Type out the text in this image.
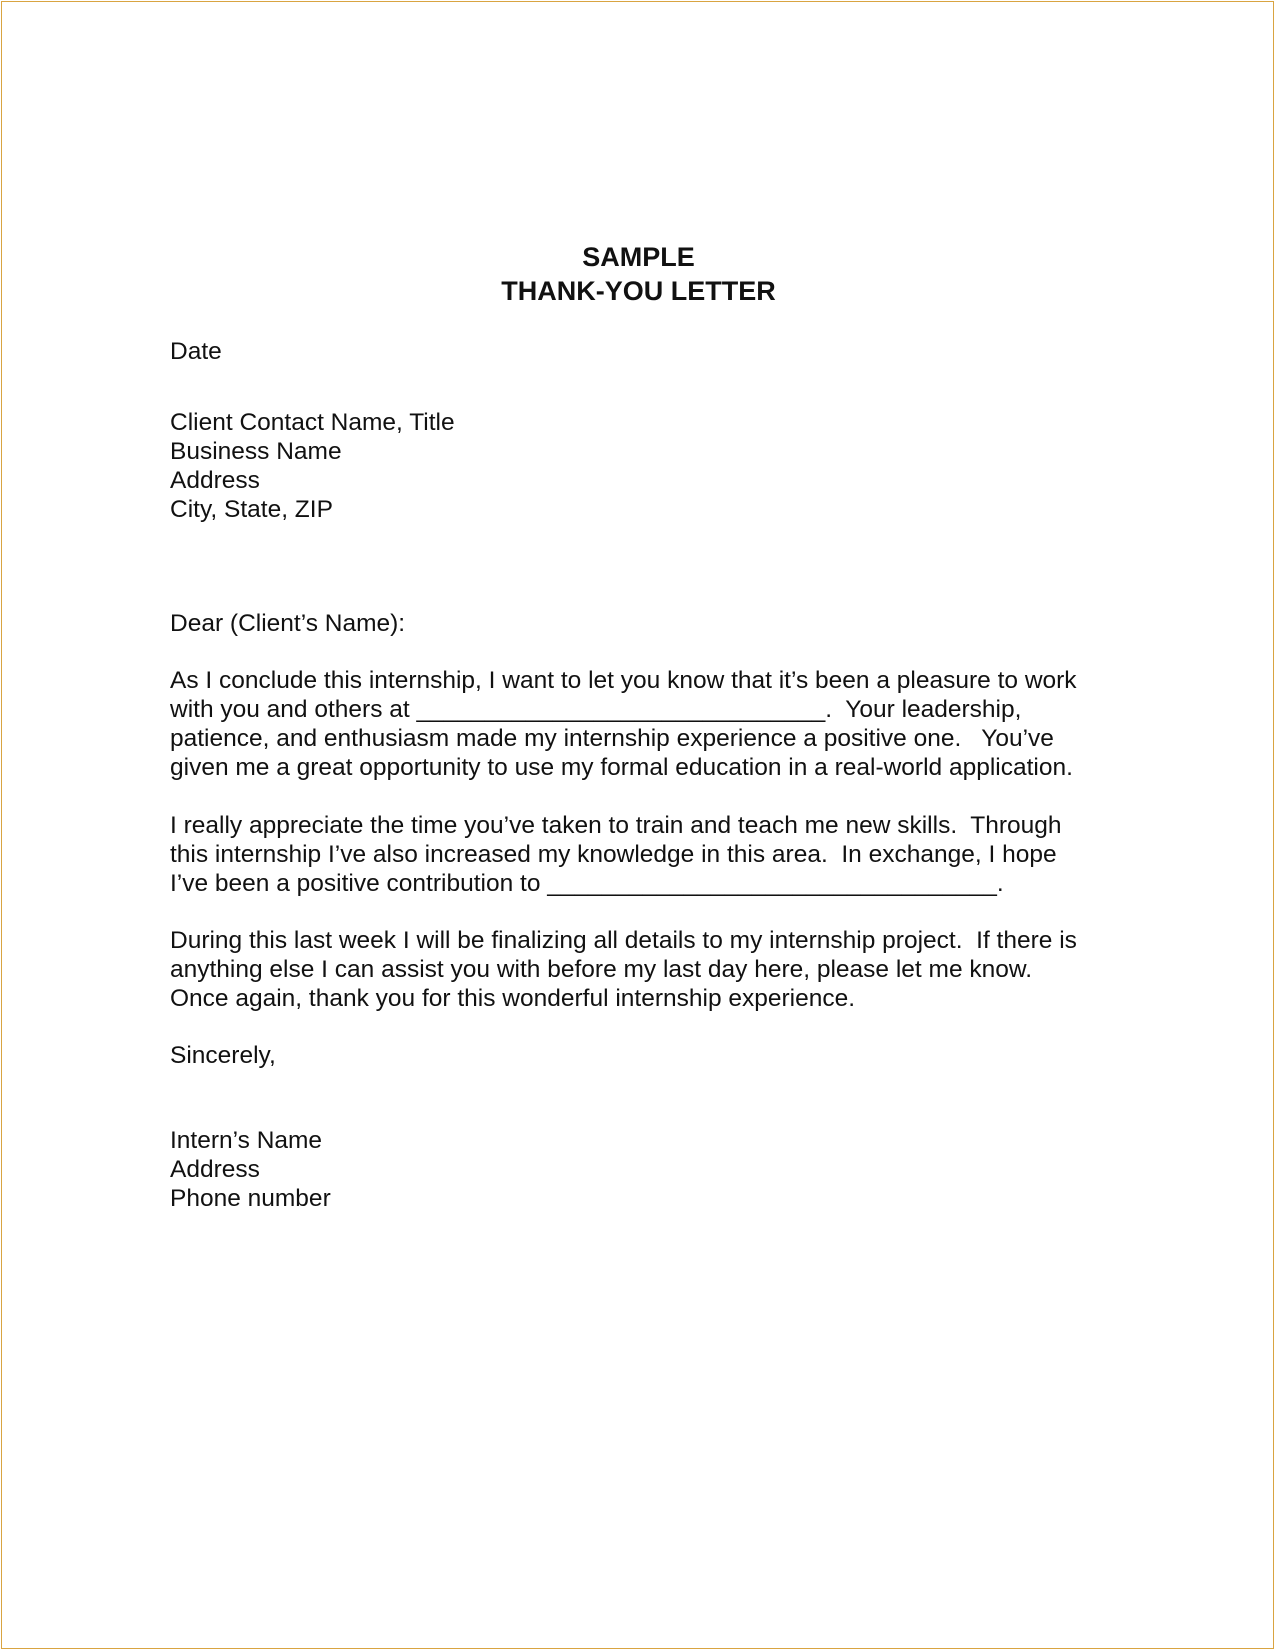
SAMPLE
THANK-YOU LETTER
Date
Client Contact Name, Title
Business Name
Address
City, State, ZIP
Dear (Client’s Name):
As I conclude this internship, I want to let you know that it’s been a pleasure to work
with you and others at ______________________________.  Your leadership,
patience, and enthusiasm made my internship experience a positive one.   You’ve
given me a great opportunity to use my formal education in a real-world application.
I really appreciate the time you’ve taken to train and teach me new skills.  Through
this internship I’ve also increased my knowledge in this area.  In exchange, I hope
I’ve been a positive contribution to _________________________________.
During this last week I will be finalizing all details to my internship project.  If there is
anything else I can assist you with before my last day here, please let me know.
Once again, thank you for this wonderful internship experience.
Sincerely,
Intern’s Name
Address
Phone number
